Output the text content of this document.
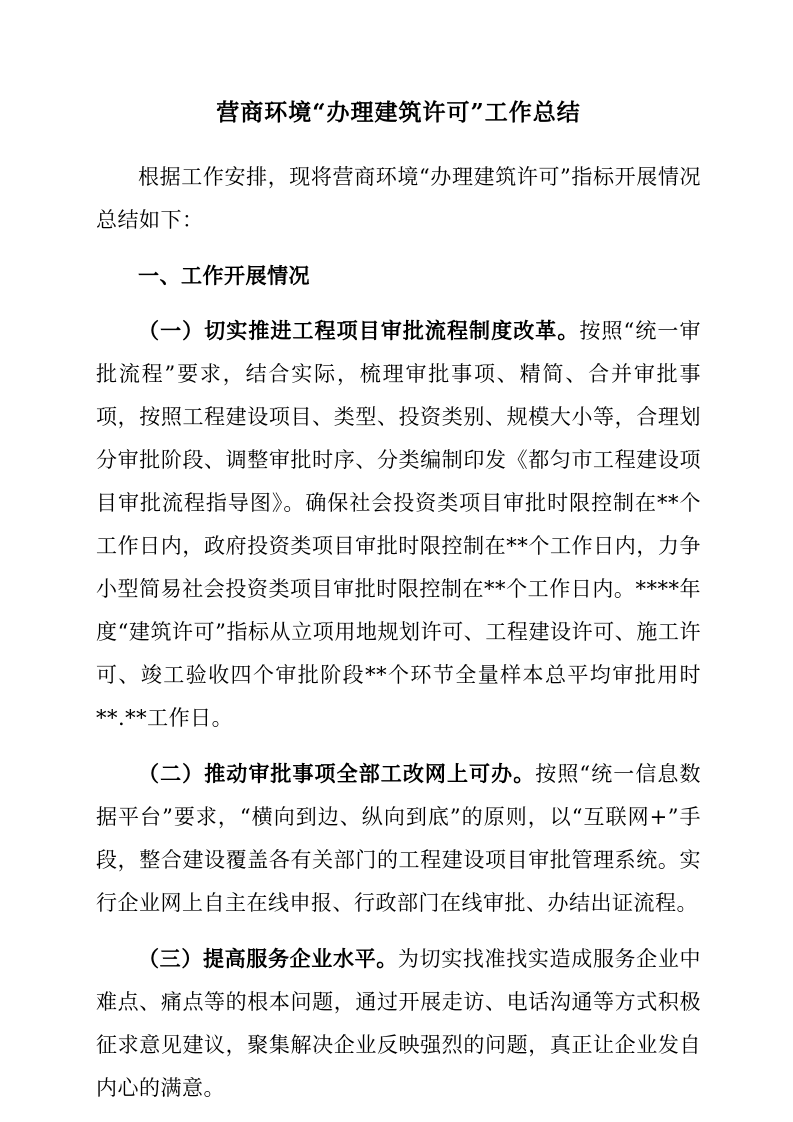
营商环境“办理建筑许可”工作总结

根据工作安排，现将营商环境“办理建筑许可”指标开展情况总结如下：

一、工作开展情况

（一）切实推进工程项目审批流程制度改革。按照“统一审批流程”要求，结合实际，梳理审批事项、精简、合并审批事项，按照工程建设项目、类型、投资类别、规模大小等，合理划分审批阶段、调整审批时序、分类编制印发《都匀市工程建设项目审批流程指导图》。确保社会投资类项目审批时限控制在**个工作日内，政府投资类项目审批时限控制在**个工作日内，力争小型简易社会投资类项目审批时限控制在**个工作日内。****年度“建筑许可”指标从立项用地规划许可、工程建设许可、施工许可、竣工验收四个审批阶段**个环节全量样本总平均审批用时**.**工作日。

（二）推动审批事项全部工改网上可办。按照“统一信息数据平台”要求，“横向到边、纵向到底”的原则，以“互联网+”手段，整合建设覆盖各有关部门的工程建设项目审批管理系统。实行企业网上自主在线申报、行政部门在线审批、办结出证流程。

（三）提高服务企业水平。为切实找准找实造成服务企业中难点、痛点等的根本问题，通过开展走访、电话沟通等方式积极征求意见建议，聚集解决企业反映强烈的问题，真正让企业发自内心的满意。
